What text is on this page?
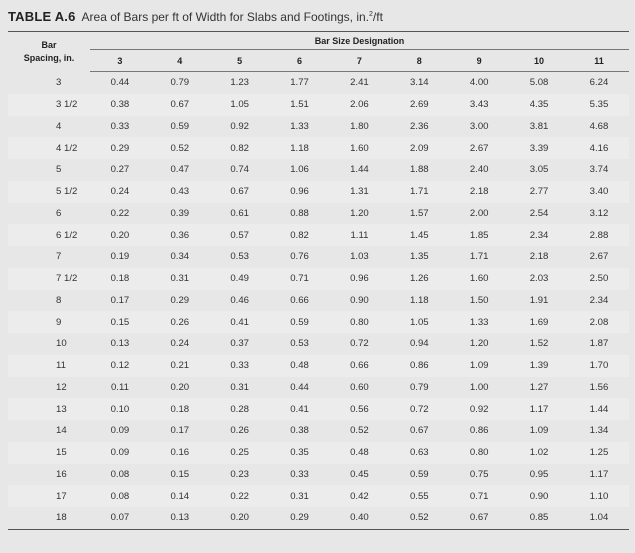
TABLE A.6 Area of Bars per ft of Width for Slabs and Footings, in.$^2$/ft

Bar
Spacing, in.	Bar Size Designation								
	3	4	5	6	7	8	9	10	11
3	0.44	0.79	1.23	1.77	2.41	3.14	4.00	5.08	6.24
3 1/2	0.38	0.67	1.05	1.51	2.06	2.69	3.43	4.35	5.35
4	0.33	0.59	0.92	1.33	1.80	2.36	3.00	3.81	4.68
4 1/2	0.29	0.52	0.82	1.18	1.60	2.09	2.67	3.39	4.16
5	0.27	0.47	0.74	1.06	1.44	1.88	2.40	3.05	3.74
5 1/2	0.24	0.43	0.67	0.96	1.31	1.71	2.18	2.77	3.40
6	0.22	0.39	0.61	0.88	1.20	1.57	2.00	2.54	3.12
6 1/2	0.20	0.36	0.57	0.82	1.11	1.45	1.85	2.34	2.88
7	0.19	0.34	0.53	0.76	1.03	1.35	1.71	2.18	2.67
7 1/2	0.18	0.31	0.49	0.71	0.96	1.26	1.60	2.03	2.50
8	0.17	0.29	0.46	0.66	0.90	1.18	1.50	1.91	2.34
9	0.15	0.26	0.41	0.59	0.80	1.05	1.33	1.69	2.08
10	0.13	0.24	0.37	0.53	0.72	0.94	1.20	1.52	1.87
11	0.12	0.21	0.33	0.48	0.66	0.86	1.09	1.39	1.70
12	0.11	0.20	0.31	0.44	0.60	0.79	1.00	1.27	1.56
13	0.10	0.18	0.28	0.41	0.56	0.72	0.92	1.17	1.44
14	0.09	0.17	0.26	0.38	0.52	0.67	0.86	1.09	1.34
15	0.09	0.16	0.25	0.35	0.48	0.63	0.80	1.02	1.25
16	0.08	0.15	0.23	0.33	0.45	0.59	0.75	0.95	1.17
17	0.08	0.14	0.22	0.31	0.42	0.55	0.71	0.90	1.10
18	0.07	0.13	0.20	0.29	0.40	0.52	0.67	0.85	1.04
